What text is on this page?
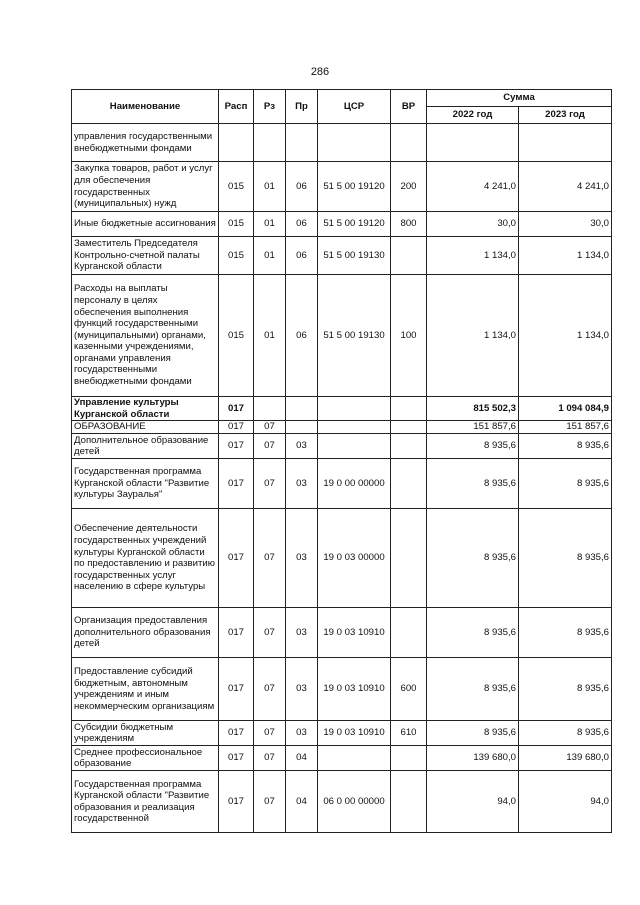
286
Наименование	Расп	Рз	Пр	ЦСР	ВР	Сумма	
						2022 год	2023 год
управления государственными внебюджетными фондами							
Закупка товаров, работ и услуг для обеспечения государственных (муниципальных) нужд	015	01	06	51 5 00 19120	200	4 241,0	4 241,0
Иные бюджетные ассигнования	015	01	06	51 5 00 19120	800	30,0	30,0
Заместитель Председателя Контрольно-счетной палаты Курганской области	015	01	06	51 5 00 19130		1 134,0	1 134,0
Расходы на выплаты персоналу в целях обеспечения выполнения функций государственными (муниципальными) органами, казенными учреждениями, органами управления государственными внебюджетными фондами	015	01	06	51 5 00 19130	100	1 134,0	1 134,0
Управление культуры Курганской области	017					815 502,3	1 094 084,9
ОБРАЗОВАНИЕ	017	07				151 857,6	151 857,6
Дополнительное образование детей	017	07	03			8 935,6	8 935,6
Государственная программа Курганской области "Развитие культуры Зауралья"	017	07	03	19 0 00 00000		8 935,6	8 935,6
Обеспечение деятельности государственных учреждений культуры Курганской области по предоставлению и развитию государственных услуг населению в сфере культуры	017	07	03	19 0 03 00000		8 935,6	8 935,6
Организация предоставления дополнительного образования детей	017	07	03	19 0 03 10910		8 935,6	8 935,6
Предоставление субсидий бюджетным, автономным учреждениям и иным некоммерческим организациям	017	07	03	19 0 03 10910	600	8 935,6	8 935,6
Субсидии бюджетным учреждениям	017	07	03	19 0 03 10910	610	8 935,6	8 935,6
Среднее профессиональное образование	017	07	04			139 680,0	139 680,0
Государственная программа Курганской области "Развитие образования и реализация государственной	017	07	04	06 0 00 00000		94,0	94,0
